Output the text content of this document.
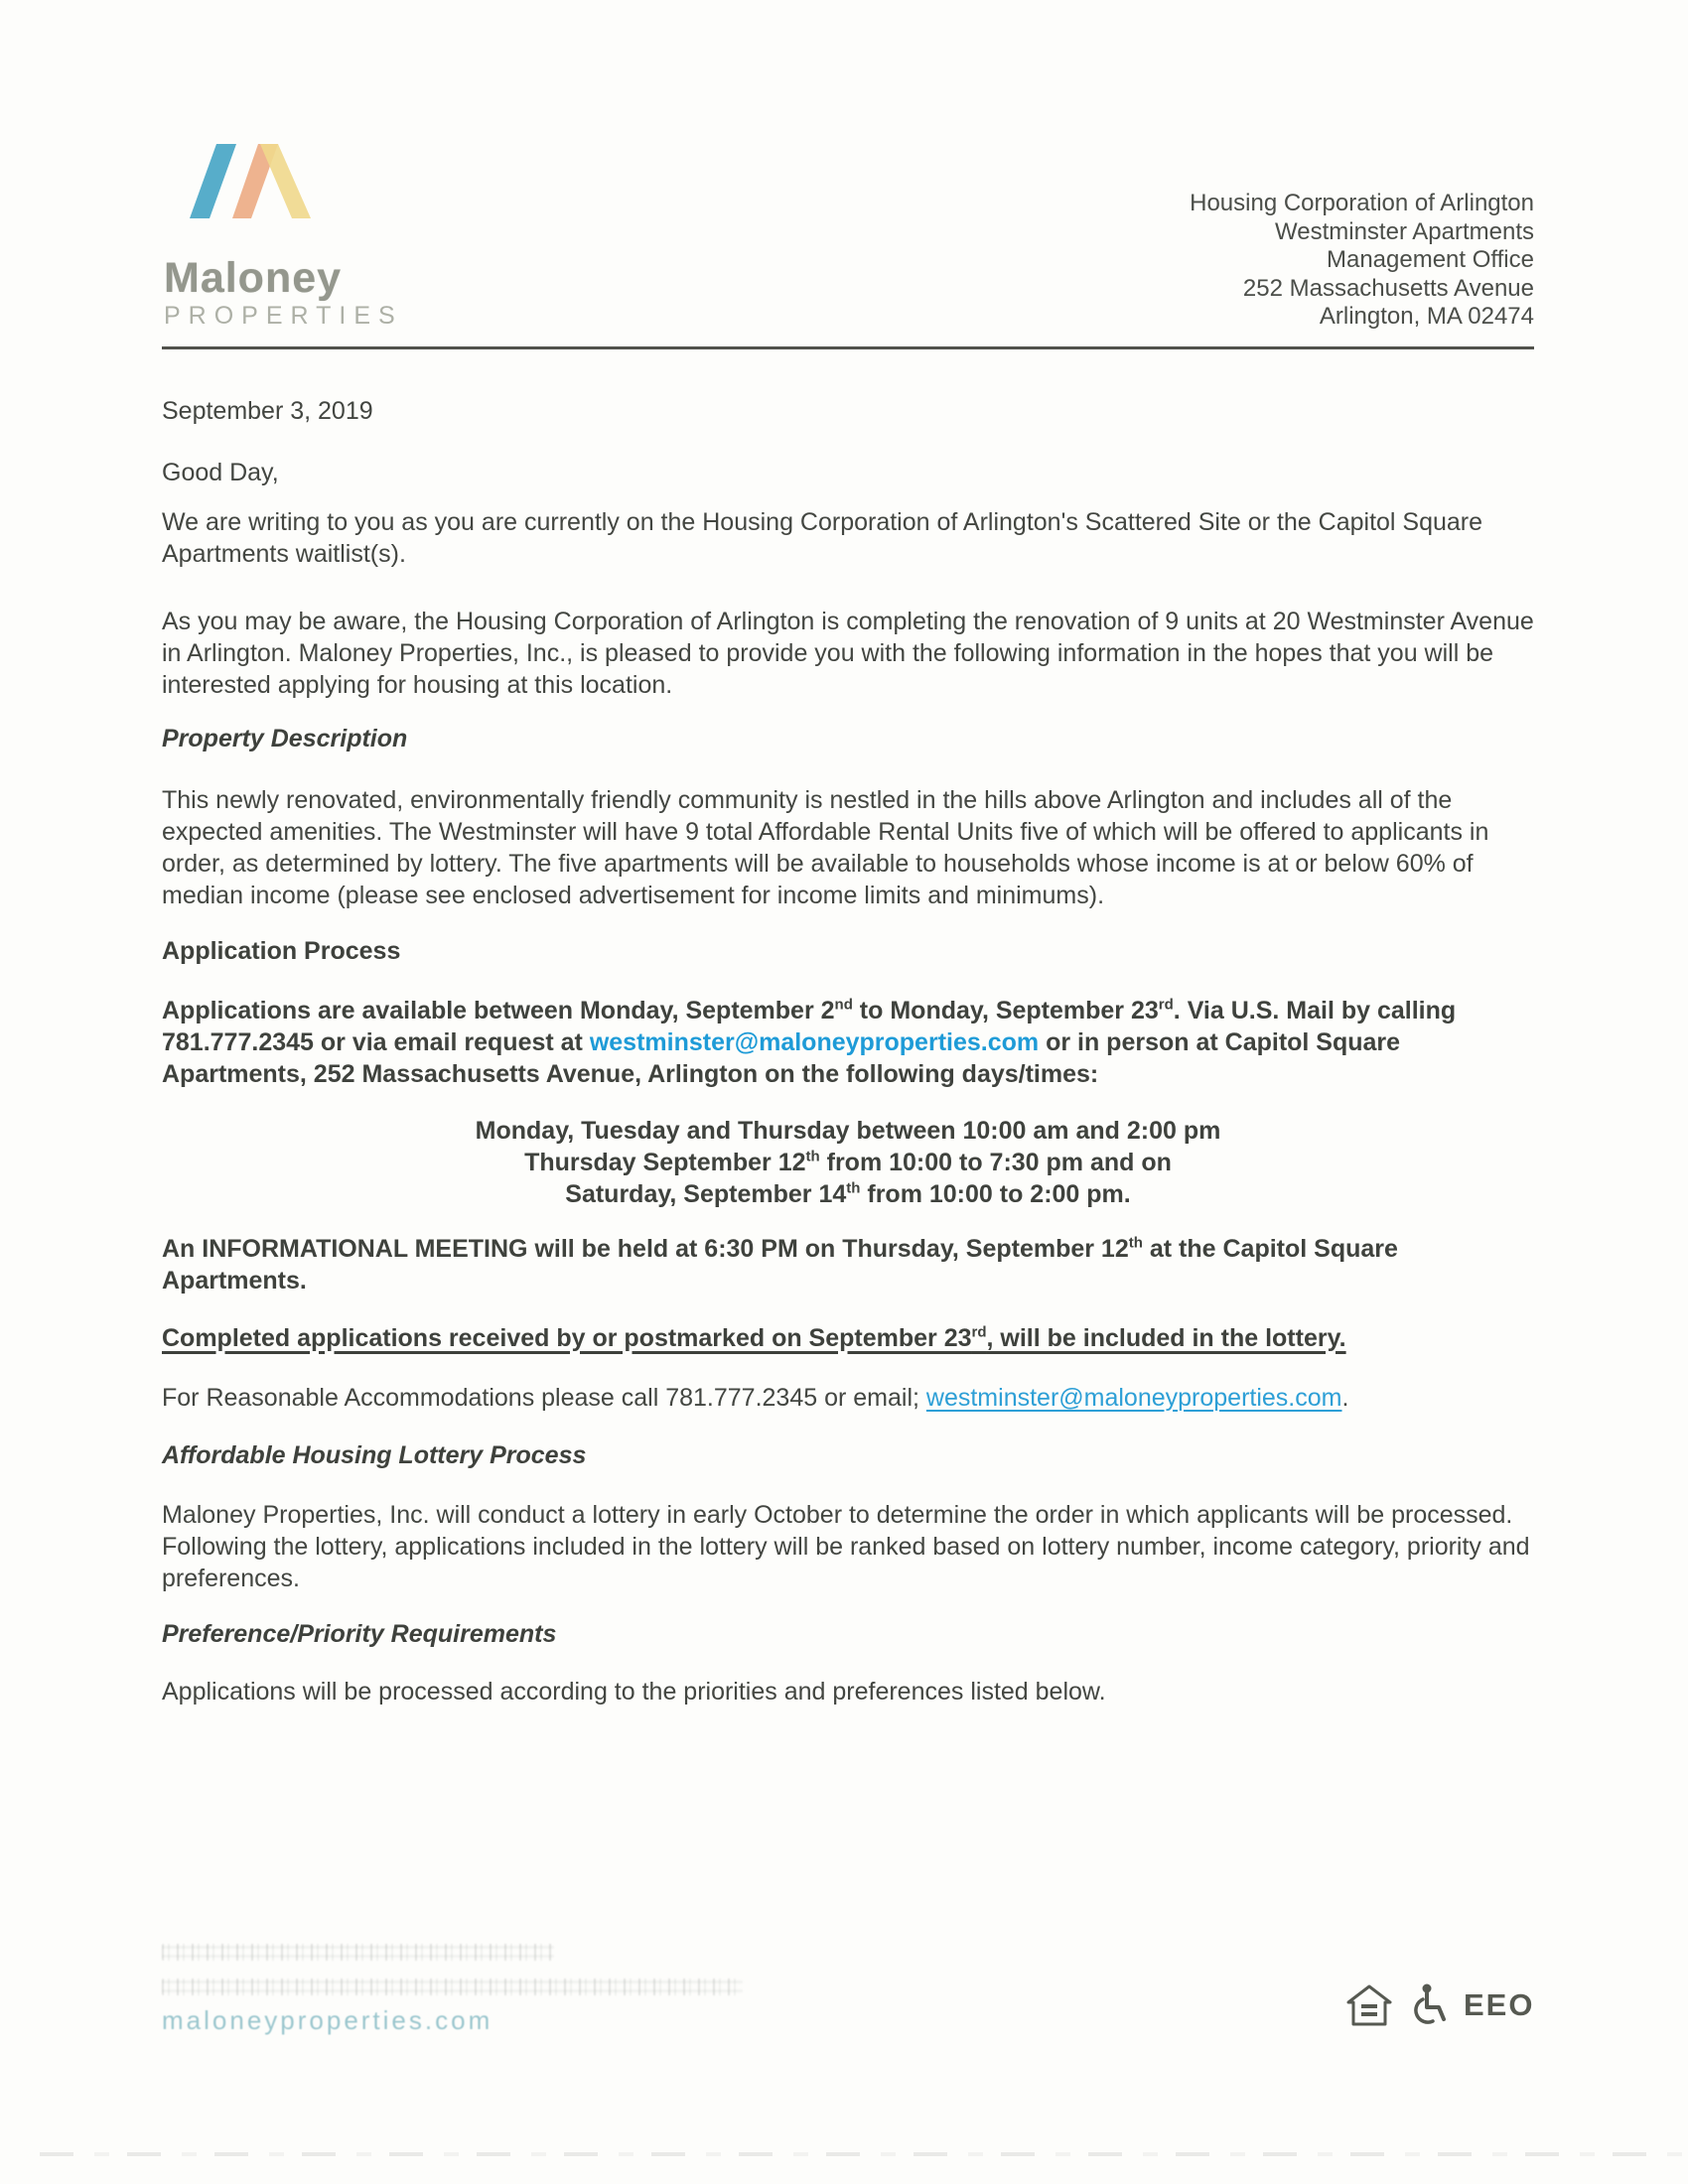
Maloney
PROPERTIES
Housing Corporation of Arlington
Westminster Apartments
Management Office
252 Massachusetts Avenue
Arlington, MA 02474
September 3, 2019
Good Day,
We are writing to you as you are currently on the Housing Corporation of Arlington's Scattered Site or the Capitol Square Apartments waitlist(s).
As you may be aware, the Housing Corporation of Arlington is completing the renovation of 9 units at 20 Westminster Avenue in Arlington. Maloney Properties, Inc., is pleased to provide you with the following information in the hopes that you will be interested applying for housing at this location.
Property Description
This newly renovated, environmentally friendly community is nestled in the hills above Arlington and includes all of the expected amenities. The Westminster will have 9 total Affordable Rental Units five of which will be offered to applicants in order, as determined by lottery. The five apartments will be available to households whose income is at or below 60% of median income (please see enclosed advertisement for income limits and minimums).
Application Process
Applications are available between Monday, September 2nd to Monday, September 23rd. Via U.S. Mail by calling 781.777.2345 or via email request at westminster@maloneyproperties.com or in person at Capitol Square Apartments, 252 Massachusetts Avenue, Arlington on the following days/times:
Monday, Tuesday and Thursday between 10:00 am and 2:00 pm
Thursday September 12th from 10:00 to 7:30 pm and on
Saturday, September 14th from 10:00 to 2:00 pm.
An INFORMATIONAL MEETING will be held at 6:30 PM on Thursday, September 12th at the Capitol Square Apartments.
Completed applications received by or postmarked on September 23rd, will be included in the lottery.
For Reasonable Accommodations please call 781.777.2345 or email; westminster@maloneyproperties.com.
Affordable Housing Lottery Process
Maloney Properties, Inc. will conduct a lottery in early October to determine the order in which applicants will be processed. Following the lottery, applications included in the lottery will be ranked based on lottery number, income category, priority and preferences.
Preference/Priority Requirements
Applications will be processed according to the priorities and preferences listed below.
maloneyproperties.com	EEO
